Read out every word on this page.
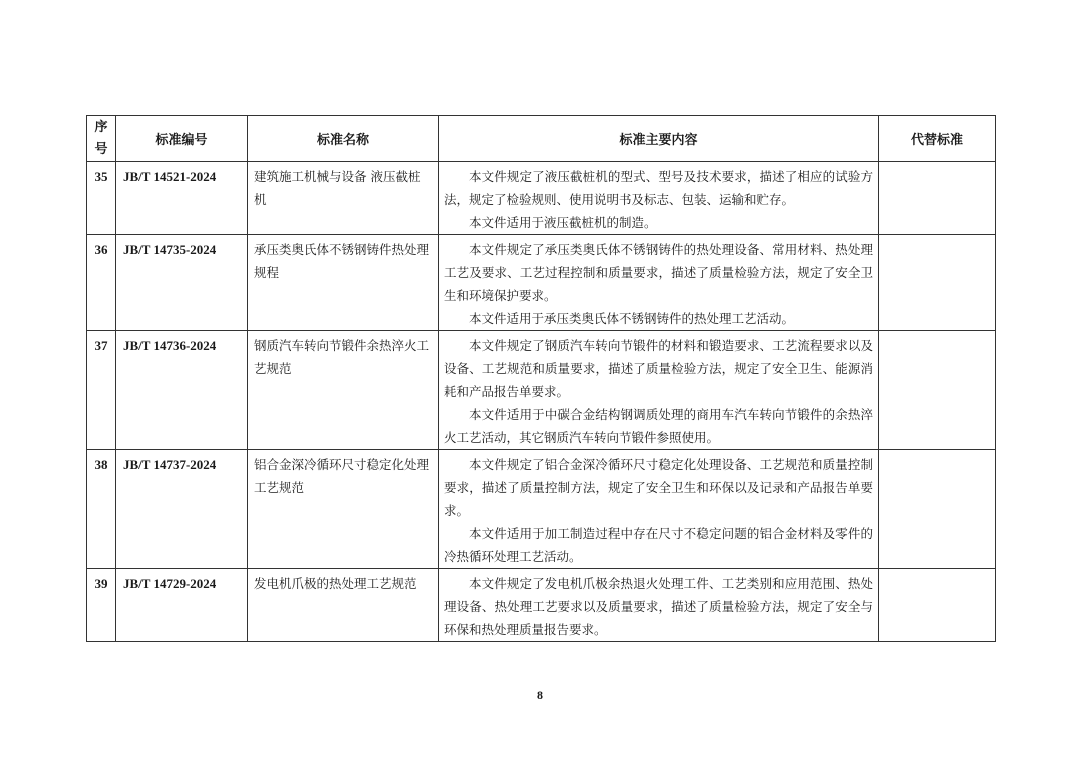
序
号	标准编号	标准名称	标准主要内容	代替标准
35	JB/T 14521-2024	建筑施工机械与设备 液压截桩机	本文件规定了液压截桩机的型式、型号及技术要求，描述了相应的试验方法，规定了检验规则、使用说明书及标志、包装、运输和贮存。

本文件适用于液压截桩机的制造。	

36	JB/T 14735-2024	承压类奥氏体不锈钢铸件热处理规程	本文件规定了承压类奥氏体不锈钢铸件的热处理设备、常用材料、热处理工艺及要求、工艺过程控制和质量要求，描述了质量检验方法，规定了安全卫生和环境保护要求。

本文件适用于承压类奥氏体不锈钢铸件的热处理工艺活动。	

37	JB/T 14736-2024	钢质汽车转向节锻件余热淬火工艺规范	本文件规定了钢质汽车转向节锻件的材料和锻造要求、工艺流程要求以及设备、工艺规范和质量要求，描述了质量检验方法，规定了安全卫生、能源消耗和产品报告单要求。

本文件适用于中碳合金结构钢调质处理的商用车汽车转向节锻件的余热淬火工艺活动，其它钢质汽车转向节锻件参照使用。	

38	JB/T 14737-2024	铝合金深冷循环尺寸稳定化处理工艺规范	本文件规定了铝合金深冷循环尺寸稳定化处理设备、工艺规范和质量控制要求，描述了质量控制方法，规定了安全卫生和环保以及记录和产品报告单要求。

本文件适用于加工制造过程中存在尺寸不稳定问题的铝合金材料及零件的冷热循环处理工艺活动。	

39	JB/T 14729-2024	发电机爪极的热处理工艺规范	本文件规定了发电机爪极余热退火处理工件、工艺类别和应用范围、热处理设备、热处理工艺要求以及质量要求，描述了质量检验方法，规定了安全与环保和热处理质量报告要求。	

8
